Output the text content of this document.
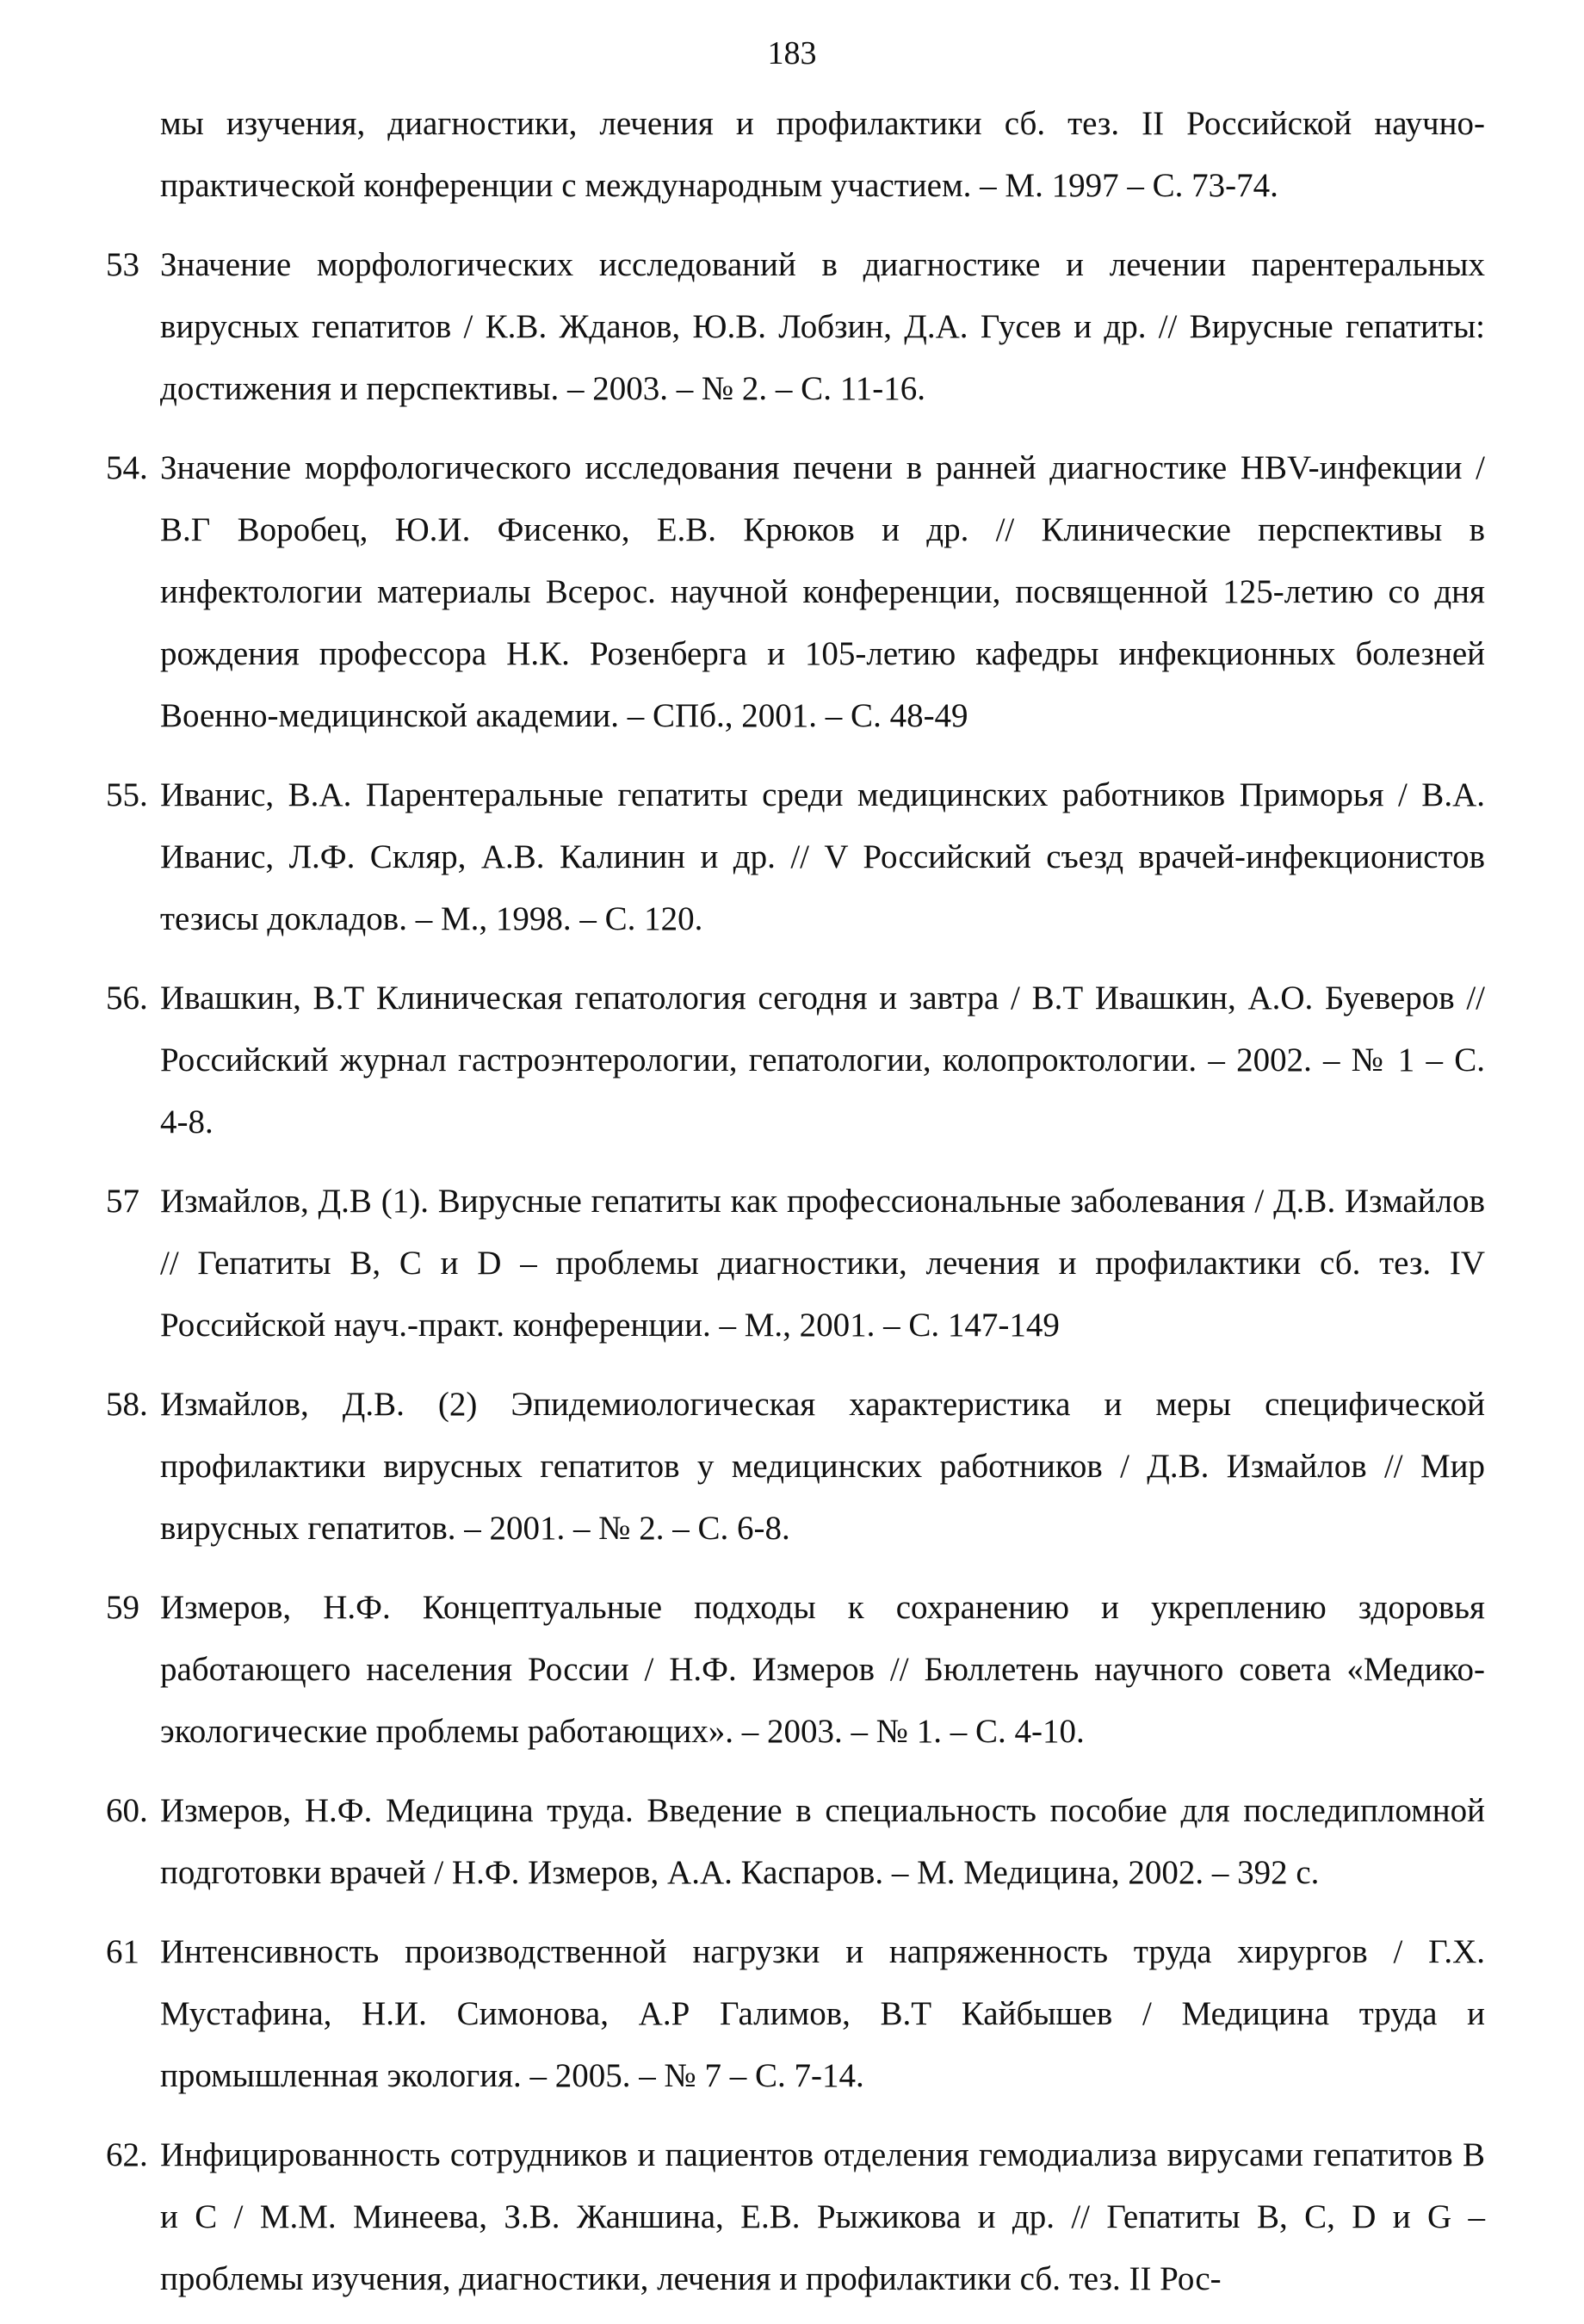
183
мы изучения, диагностики, лечения и профилактики сб. тез. II Российской научно-практической конференции с международным участием. – М. 1997 – С. 73-74.
53 Значение морфологических исследований в диагностике и лечении парентеральных вирусных гепатитов / К.В. Жданов, Ю.В. Лобзин, Д.А. Гусев и др. // Вирусные гепатиты: достижения и перспективы. – 2003. – № 2. – С. 11-16.
54. Значение морфологического исследования печени в ранней диагностике HBV-инфекции / В.Г Воробец, Ю.И. Фисенко, Е.В. Крюков и др. // Клинические перспективы в инфектологии материалы Всерос. научной конференции, посвященной 125-летию со дня рождения профессора Н.К. Розенберга и 105-летию кафедры инфекционных болезней Военно-медицинской академии. – СПб., 2001. – С. 48-49
55. Иванис, В.А. Парентеральные гепатиты среди медицинских работников Приморья / В.А. Иванис, Л.Ф. Скляр, А.В. Калинин и др. // V Российский съезд врачей-инфекционистов тезисы докладов. – М., 1998. – С. 120.
56. Ивашкин, В.Т Клиническая гепатология сегодня и завтра / В.Т Ивашкин, А.О. Буеверов // Российский журнал гастроэнтерологии, гепатологии, колопроктологии. – 2002. – № 1 – С. 4-8.
57 Измайлов, Д.В (1). Вирусные гепатиты как профессиональные заболевания / Д.В. Измайлов // Гепатиты В, С и D – проблемы диагностики, лечения и профилактики сб. тез. IV Российской науч.-практ. конференции. – М., 2001. – С. 147-149
58. Измайлов, Д.В. (2) Эпидемиологическая характеристика и меры специфической профилактики вирусных гепатитов у медицинских работников / Д.В. Измайлов // Мир вирусных гепатитов. – 2001. – № 2. – С. 6-8.
59 Измеров, Н.Ф. Концептуальные подходы к сохранению и укреплению здоровья работающего населения России / Н.Ф. Измеров // Бюллетень научного совета «Медико-экологические проблемы работающих». – 2003. – № 1. – С. 4-10.
60. Измеров, Н.Ф. Медицина труда. Введение в специальность пособие для последипломной подготовки врачей / Н.Ф. Измеров, А.А. Каспаров. – М. Медицина, 2002. – 392 с.
61 Интенсивность производственной нагрузки и напряженность труда хирургов / Г.Х. Мустафина, Н.И. Симонова, А.Р Галимов, В.Т Кайбышев / Медицина труда и промышленная экология. – 2005. – № 7 – С. 7-14.
62. Инфицированность сотрудников и пациентов отделения гемодиализа вирусами гепатитов В и С / М.М. Минеева, З.В. Жаншина, Е.В. Рыжикова и др. // Гепатиты В, С, D и G – проблемы изучения, диагностики, лечения и профилактики сб. тез. II Рос-
